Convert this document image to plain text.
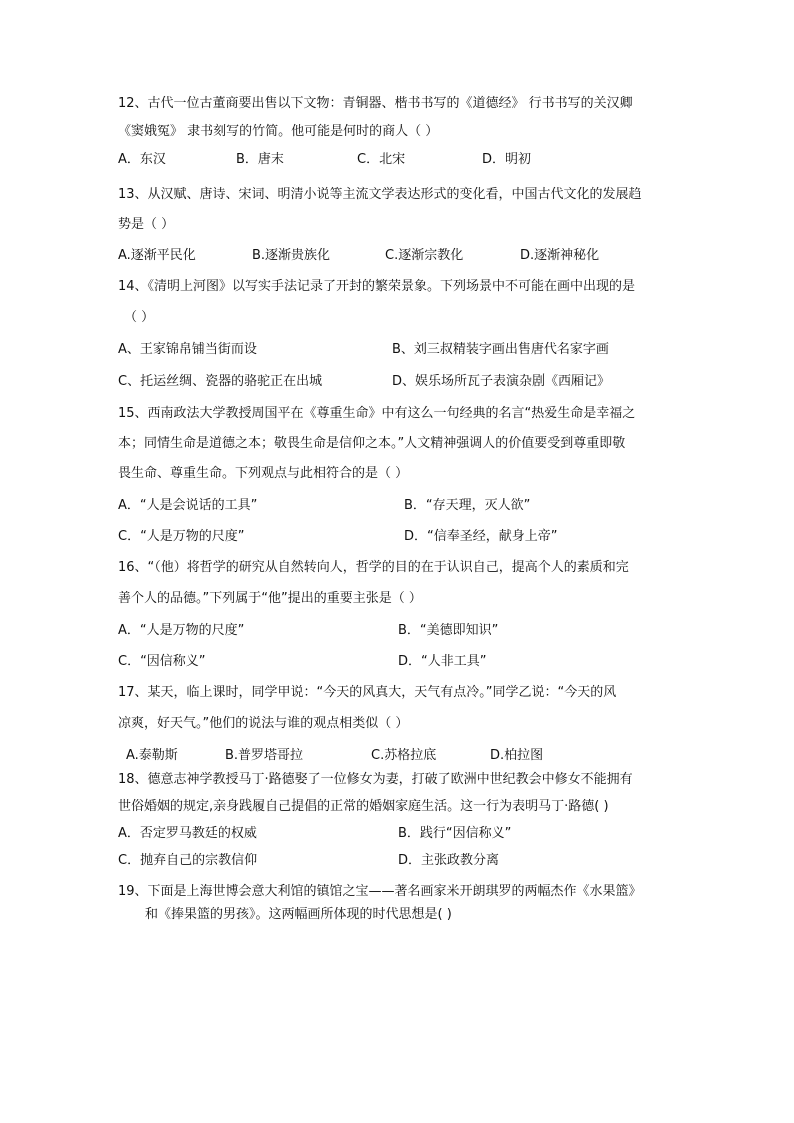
12、古代一位古董商要出售以下文物：青铜器、楷书书写的《道德经》 行书书写的关汉卿
《窦娥冤》 隶书刻写的竹简。他可能是何时的商人（ ）
A．东汉	B．唐末	C．北宋	D．明初
13、从汉赋、唐诗、宋词、明清小说等主流文学表达形式的变化看，中国古代文化的发展趋
势是（ ）
A.逐渐平民化	B.逐渐贵族化	C.逐渐宗教化	D.逐渐神秘化
14、《清明上河图》以写实手法记录了开封的繁荣景象。下列场景中不可能在画中出现的是
（ ）
A、王家锦帛铺当街而设	B、刘三叔精装字画出售唐代名家字画
C、托运丝绸、瓷器的骆驼正在出城	D、娱乐场所瓦子表演杂剧《西厢记》
15、西南政法大学教授周国平在《尊重生命》中有这么一句经典的名言“热爱生命是幸福之
本；同情生命是道德之本；敬畏生命是信仰之本。”人文精神强调人的价值要受到尊重即敬
畏生命、尊重生命。下列观点与此相符合的是（ ）
A．“人是会说话的工具”	B．“存天理，灭人欲”
C．“人是万物的尺度”	D．“信奉圣经，献身上帝”
16、“（他）将哲学的研究从自然转向人，哲学的目的在于认识自己，提高个人的素质和完
善个人的品德。”下列属于“他”提出的重要主张是（ ）
A．“人是万物的尺度”	B．“美德即知识”
C．“因信称义”	D．“人非工具”
17、某天，临上课时，同学甲说：“今天的风真大，天气有点冷。”同学乙说：“今天的风
凉爽，好天气。”他们的说法与谁的观点相类似（ ）
A.泰勒斯	B.普罗塔哥拉	C.苏格拉底	D.柏拉图
18、德意志神学教授马丁·路德娶了一位修女为妻，打破了欧洲中世纪教会中修女不能拥有
世俗婚姻的规定,亲身践履自己提倡的正常的婚姻家庭生活。这一行为表明马丁·路德( )
A．否定罗马教廷的权威	B．践行“因信称义”
C．抛弃自己的宗教信仰	D．主张政教分离
19、下面是上海世博会意大利馆的镇馆之宝——著名画家米开朗琪罗的两幅杰作《水果篮》
和《捧果篮的男孩》。这两幅画所体现的时代思想是( )
